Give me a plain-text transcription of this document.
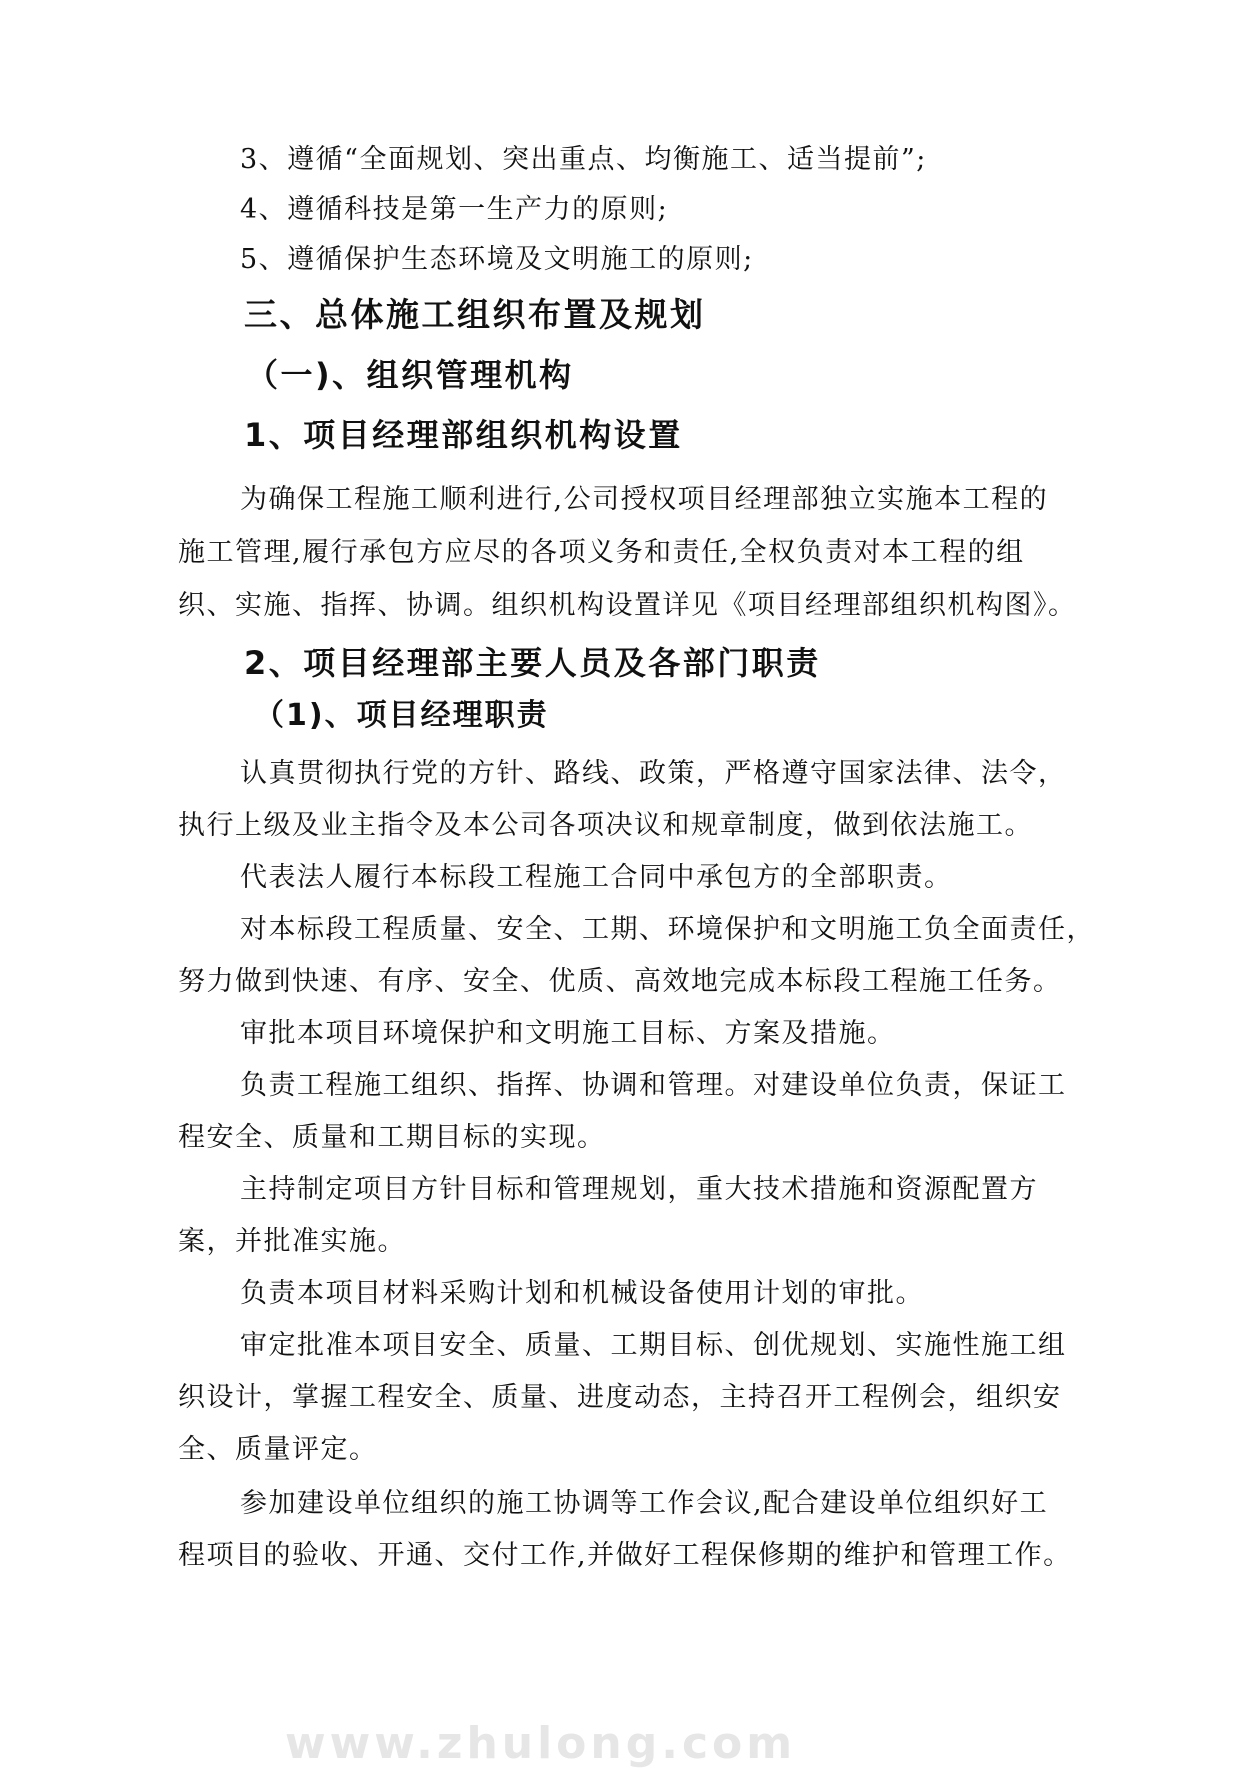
3、遵循“全面规划、突出重点、均衡施工、适当提前”;
4、遵循科技是第一生产力的原则;
5、遵循保护生态环境及文明施工的原则;
三、总体施工组织布置及规划
（一)、组织管理机构
1、项目经理部组织机构设置
为确保工程施工顺利进行,公司授权项目经理部独立实施本工程的
施工管理,履行承包方应尽的各项义务和责任,全权负责对本工程的组
织、实施、指挥、协调。组织机构设置详见《项目经理部组织机构图》。
2、项目经理部主要人员及各部门职责
（1)、项目经理职责
认真贯彻执行党的方针、路线、政策，严格遵守国家法律、法令，
执行上级及业主指令及本公司各项决议和规章制度，做到依法施工。
代表法人履行本标段工程施工合同中承包方的全部职责。
对本标段工程质量、安全、工期、环境保护和文明施工负全面责任，
努力做到快速、有序、安全、优质、高效地完成本标段工程施工任务。
审批本项目环境保护和文明施工目标、方案及措施。
负责工程施工组织、指挥、协调和管理。对建设单位负责，保证工
程安全、质量和工期目标的实现。
主持制定项目方针目标和管理规划，重大技术措施和资源配置方
案，并批准实施。
负责本项目材料采购计划和机械设备使用计划的审批。
审定批准本项目安全、质量、工期目标、创优规划、实施性施工组
织设计，掌握工程安全、质量、进度动态，主持召开工程例会，组织安
全、质量评定。
参加建设单位组织的施工协调等工作会议,配合建设单位组织好工
程项目的验收、开通、交付工作,并做好工程保修期的维护和管理工作。
www.zhulong.com
